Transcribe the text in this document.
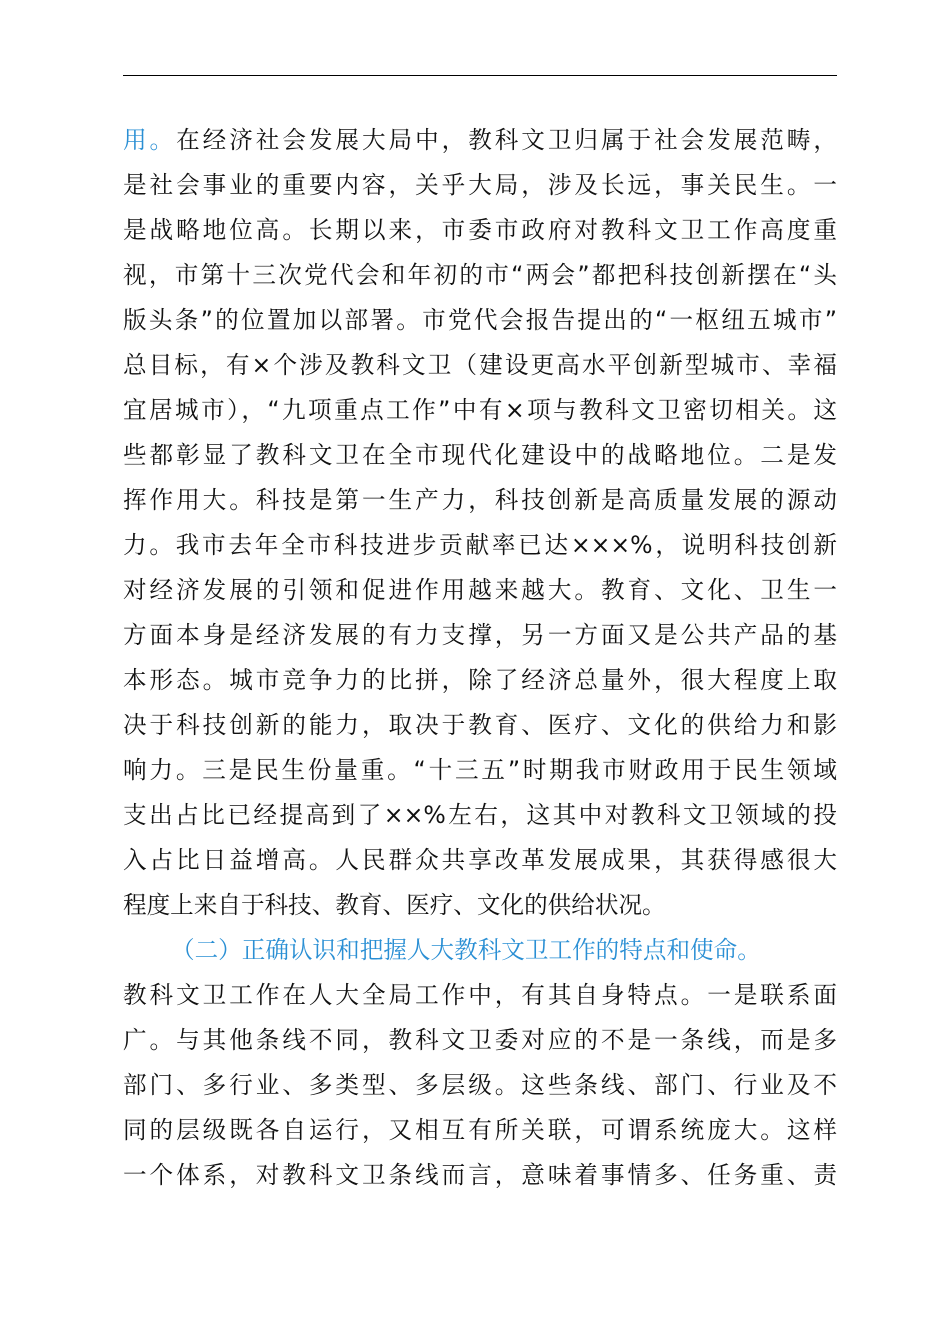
用。在经济社会发展大局中，教科文卫归属于社会发展范畴，
是社会事业的重要内容，关乎大局，涉及长远，事关民生。一
是战略地位高。长期以来，市委市政府对教科文卫工作高度重
视，市第十三次党代会和年初的市“两会”都把科技创新摆在“头
版头条”的位置加以部署。市党代会报告提出的“一枢纽五城市”
总目标，有×个涉及教科文卫（建设更高水平创新型城市、幸福
宜居城市），“九项重点工作”中有×项与教科文卫密切相关。这
些都彰显了教科文卫在全市现代化建设中的战略地位。二是发
挥作用大。科技是第一生产力，科技创新是高质量发展的源动
力。我市去年全市科技进步贡献率已达×××%，说明科技创新
对经济发展的引领和促进作用越来越大。教育、文化、卫生一
方面本身是经济发展的有力支撑，另一方面又是公共产品的基
本形态。城市竞争力的比拼，除了经济总量外，很大程度上取
决于科技创新的能力，取决于教育、医疗、文化的供给力和影
响力。三是民生份量重。“十三五”时期我市财政用于民生领域
支出占比已经提高到了××%左右，这其中对教科文卫领域的投
入占比日益增高。人民群众共享改革发展成果，其获得感很大
程度上来自于科技、教育、医疗、文化的供给状况。
（二）正确认识和把握人大教科文卫工作的特点和使命。
教科文卫工作在人大全局工作中，有其自身特点。一是联系面
广。与其他条线不同，教科文卫委对应的不是一条线，而是多
部门、多行业、多类型、多层级。这些条线、部门、行业及不
同的层级既各自运行，又相互有所关联，可谓系统庞大。这样
一个体系，对教科文卫条线而言，意味着事情多、任务重、责
